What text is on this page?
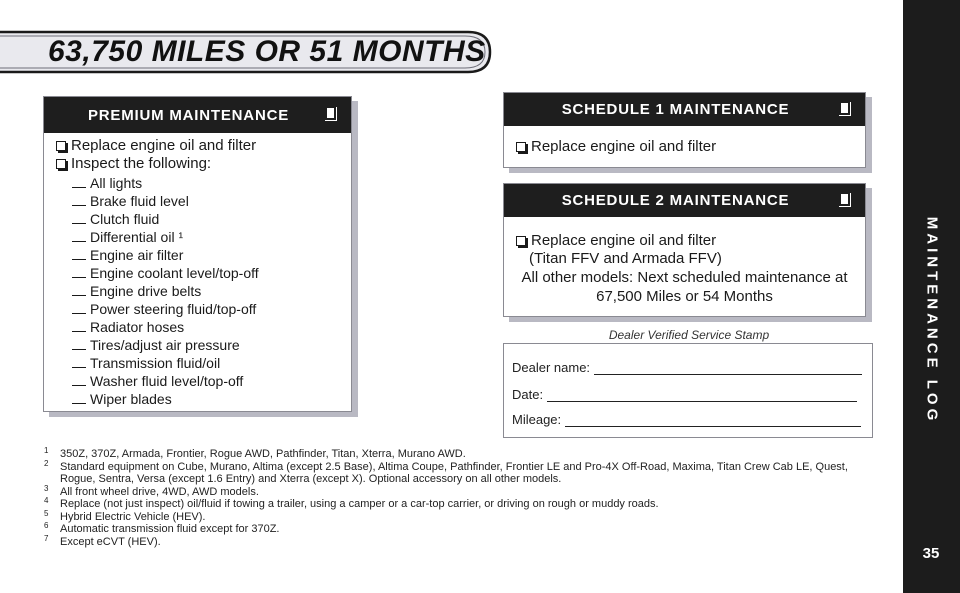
63,750 MILES OR 51 MONTHS
PREMIUM MAINTENANCE
Replace engine oil and filter
Inspect the following:
All lights
Brake fluid level
Clutch fluid
Differential oil ¹
Engine air filter
Engine coolant level/top-off
Engine drive belts
Power steering fluid/top-off
Radiator hoses
Tires/adjust air pressure
Transmission fluid/oil
Washer fluid level/top-off
Wiper blades
SCHEDULE 1 MAINTENANCE
Replace engine oil and filter
SCHEDULE 2 MAINTENANCE
Replace engine oil and filter
(Titan FFV and Armada FFV)
All other models: Next scheduled maintenance at
67,500 Miles or 54 Months
Dealer Verified Service Stamp
Dealer name:
Date:
Mileage:
1 350Z, 370Z, Armada, Frontier, Rogue AWD, Pathfinder, Titan, Xterra, Murano AWD.
2 Standard equipment on Cube, Murano, Altima (except 2.5 Base), Altima Coupe, Pathfinder, Frontier LE and Pro-4X Off-Road, Maxima, Titan Crew Cab LE, Quest, Rogue, Sentra, Versa (except 1.6 Entry) and Xterra (except X). Optional accessory on all other models.
3 All front wheel drive, 4WD, AWD models.
4 Replace (not just inspect) oil/fluid if towing a trailer, using a camper or a car-top carrier, or driving on rough or muddy roads.
5 Hybrid Electric Vehicle (HEV).
6 Automatic transmission fluid except for 370Z.
7 Except eCVT (HEV).
MAINTENANCE LOG
35
